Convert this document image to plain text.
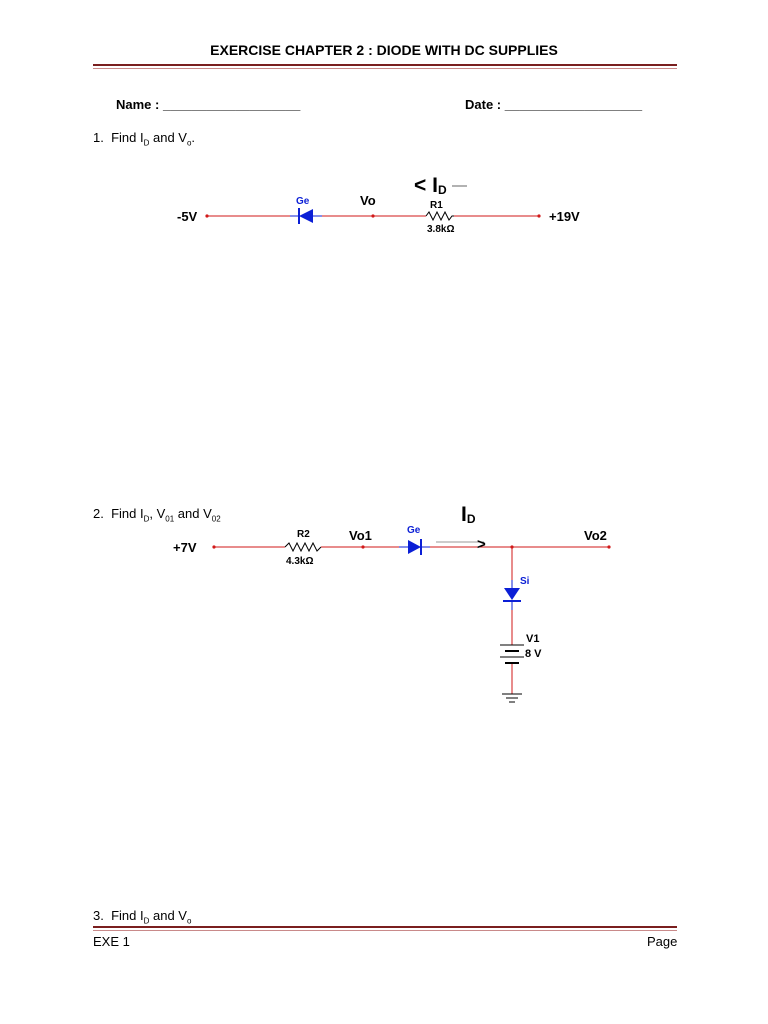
EXERCISE CHAPTER 2 : DIODE WITH DC SUPPLIES
Name : ___________________	Date : ___________________
1. Find $I_D$ and $V_o$.
2. Find $I_D$, $V_{01}$ and $V_{02}$
3. Find $I_D$ and $V_o$
EXE 1	Page
-5V	+19V
Ge	Vo	R1
3.8kΩ
< ID
>
+7V
R2
4.3kΩ
Vo1	Ge
ID
Vo2
Si
V1
8 V
